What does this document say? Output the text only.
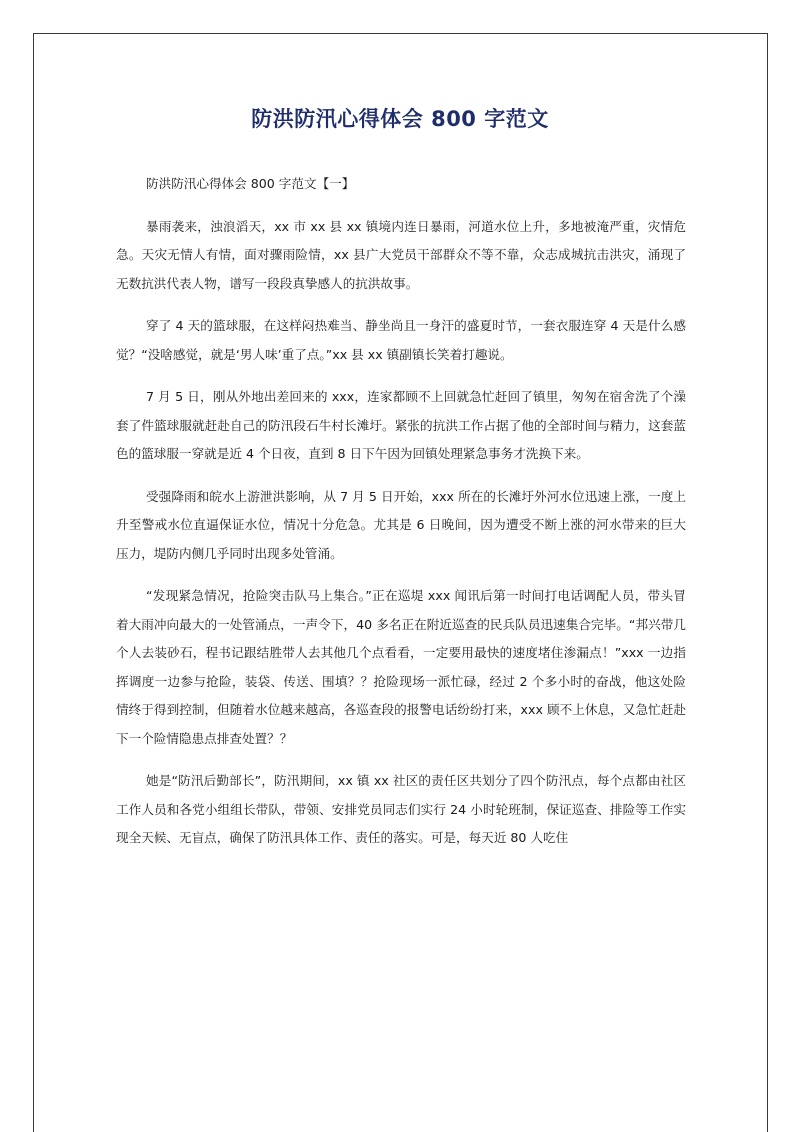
防洪防汛心得体会 800 字范文

防洪防汛心得体会 800 字范文【一】

暴雨袭来，浊浪滔天，xx 市 xx 县 xx 镇境内连日暴雨，河道水位上升，多地被淹严重，灾情危急。天灾无情人有情，面对骤雨险情，xx 县广大党员干部群众不等不靠，众志成城抗击洪灾，涌现了无数抗洪代表人物，谱写一段段真挚感人的抗洪故事。

穿了 4 天的篮球服，在这样闷热难当、静坐尚且一身汗的盛夏时节，一套衣服连穿 4 天是什么感觉？“没啥感觉，就是‘男人味’重了点。”xx 县 xx 镇副镇长笑着打趣说。

7 月 5 日，刚从外地出差回来的 xxx，连家都顾不上回就急忙赶回了镇里，匆匆在宿舍洗了个澡套了件篮球服就赶赴自己的防汛段石牛村长滩圩。紧张的抗洪工作占据了他的全部时间与精力，这套蓝色的篮球服一穿就是近 4 个日夜，直到 8 日下午因为回镇处理紧急事务才洗换下来。

受强降雨和皖水上游泄洪影响，从 7 月 5 日开始，xxx 所在的长滩圩外河水位迅速上涨，一度上升至警戒水位直逼保证水位，情况十分危急。尤其是 6 日晚间，因为遭受不断上涨的河水带来的巨大压力，堤防内侧几乎同时出现多处管涌。

“发现紧急情况，抢险突击队马上集合。”正在巡堤 xxx 闻讯后第一时间打电话调配人员，带头冒着大雨冲向最大的一处管涌点，一声令下，40 多名正在附近巡查的民兵队员迅速集合完毕。“邦兴带几个人去装砂石，程书记跟结胜带人去其他几个点看看，一定要用最快的速度堵住渗漏点！”xxx 一边指挥调度一边参与抢险，装袋、传送、围填？？抢险现场一派忙碌，经过 2 个多小时的奋战，他这处险情终于得到控制，但随着水位越来越高，各巡查段的报警电话纷纷打来，xxx 顾不上休息，又急忙赶赴下一个险情隐患点排查处置？？

她是“防汛后勤部长”，防汛期间，xx 镇 xx 社区的责任区共划分了四个防汛点，每个点都由社区工作人员和各党小组组长带队，带领、安排党员同志们实行 24 小时轮班制，保证巡查、排险等工作实现全天候、无盲点，确保了防汛具体工作、责任的落实。可是，每天近 80 人吃住
